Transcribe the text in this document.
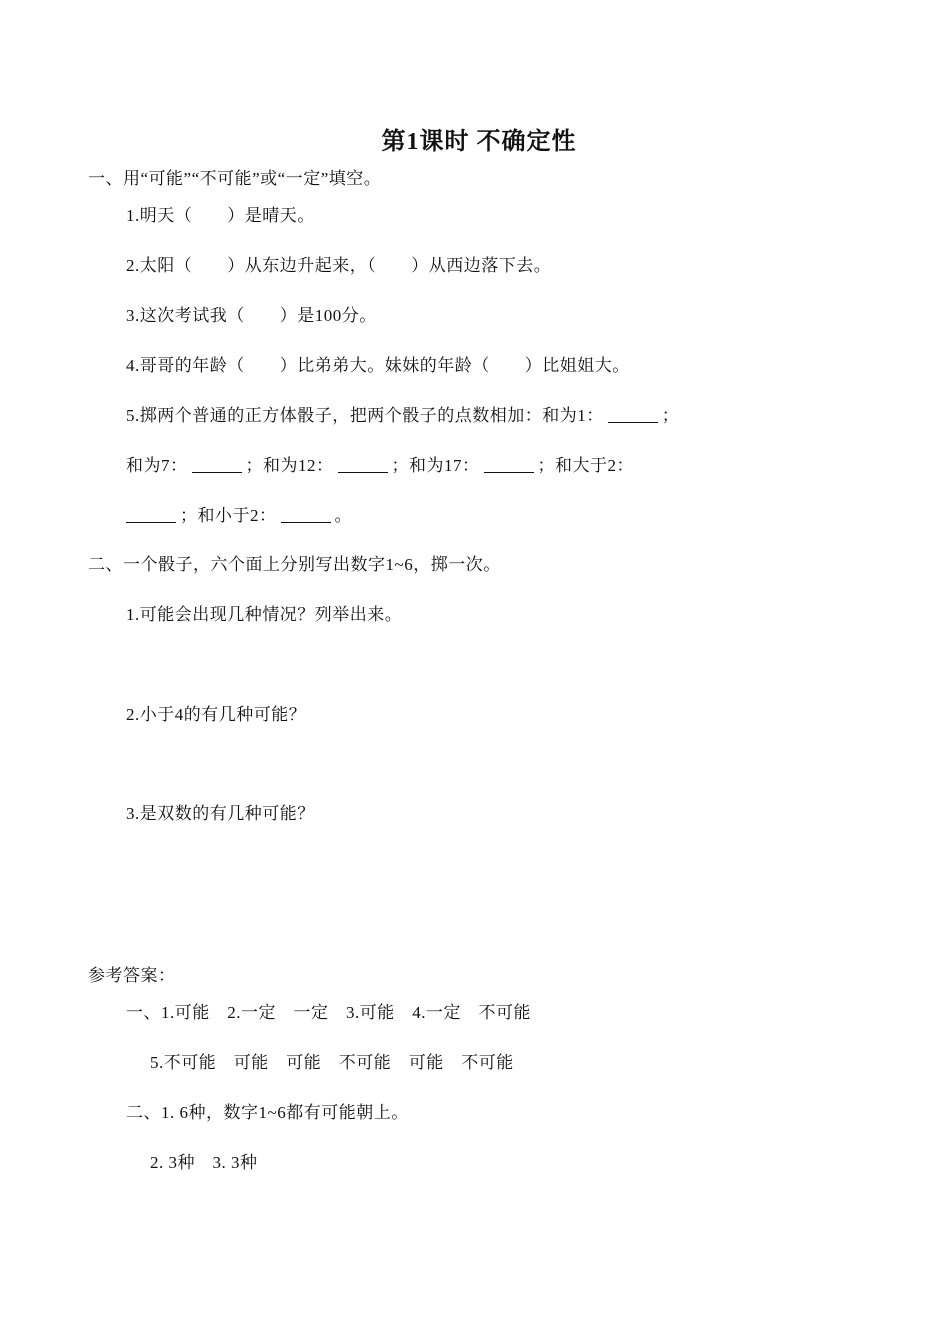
第1课时 不确定性
一、用“可能”“不可能”或“一定”填空。
1.明天（　　）是晴天。
2.太阳（　　）从东边升起来，（　　）从西边落下去。
3.这次考试我（　　）是100分。
4.哥哥的年龄（　　）比弟弟大。妹妹的年龄（　　）比姐姐大。
5.掷两个普通的正方体骰子，把两个骰子的点数相加：和为1：	；
和为7：	；和为12：	；和为17：	；和大于2：
；和小于2：	。
二、一个骰子，六个面上分别写出数字1~6，掷一次。
1.可能会出现几种情况？列举出来。
2.小于4的有几种可能？
3.是双数的有几种可能？
参考答案：
一、1.可能　2.一定　一定　3.可能　4.一定　不可能
5.不可能　可能　可能　不可能　可能　不可能
二、1. 6种，数字1~6都有可能朝上。
2. 3种　3. 3种
